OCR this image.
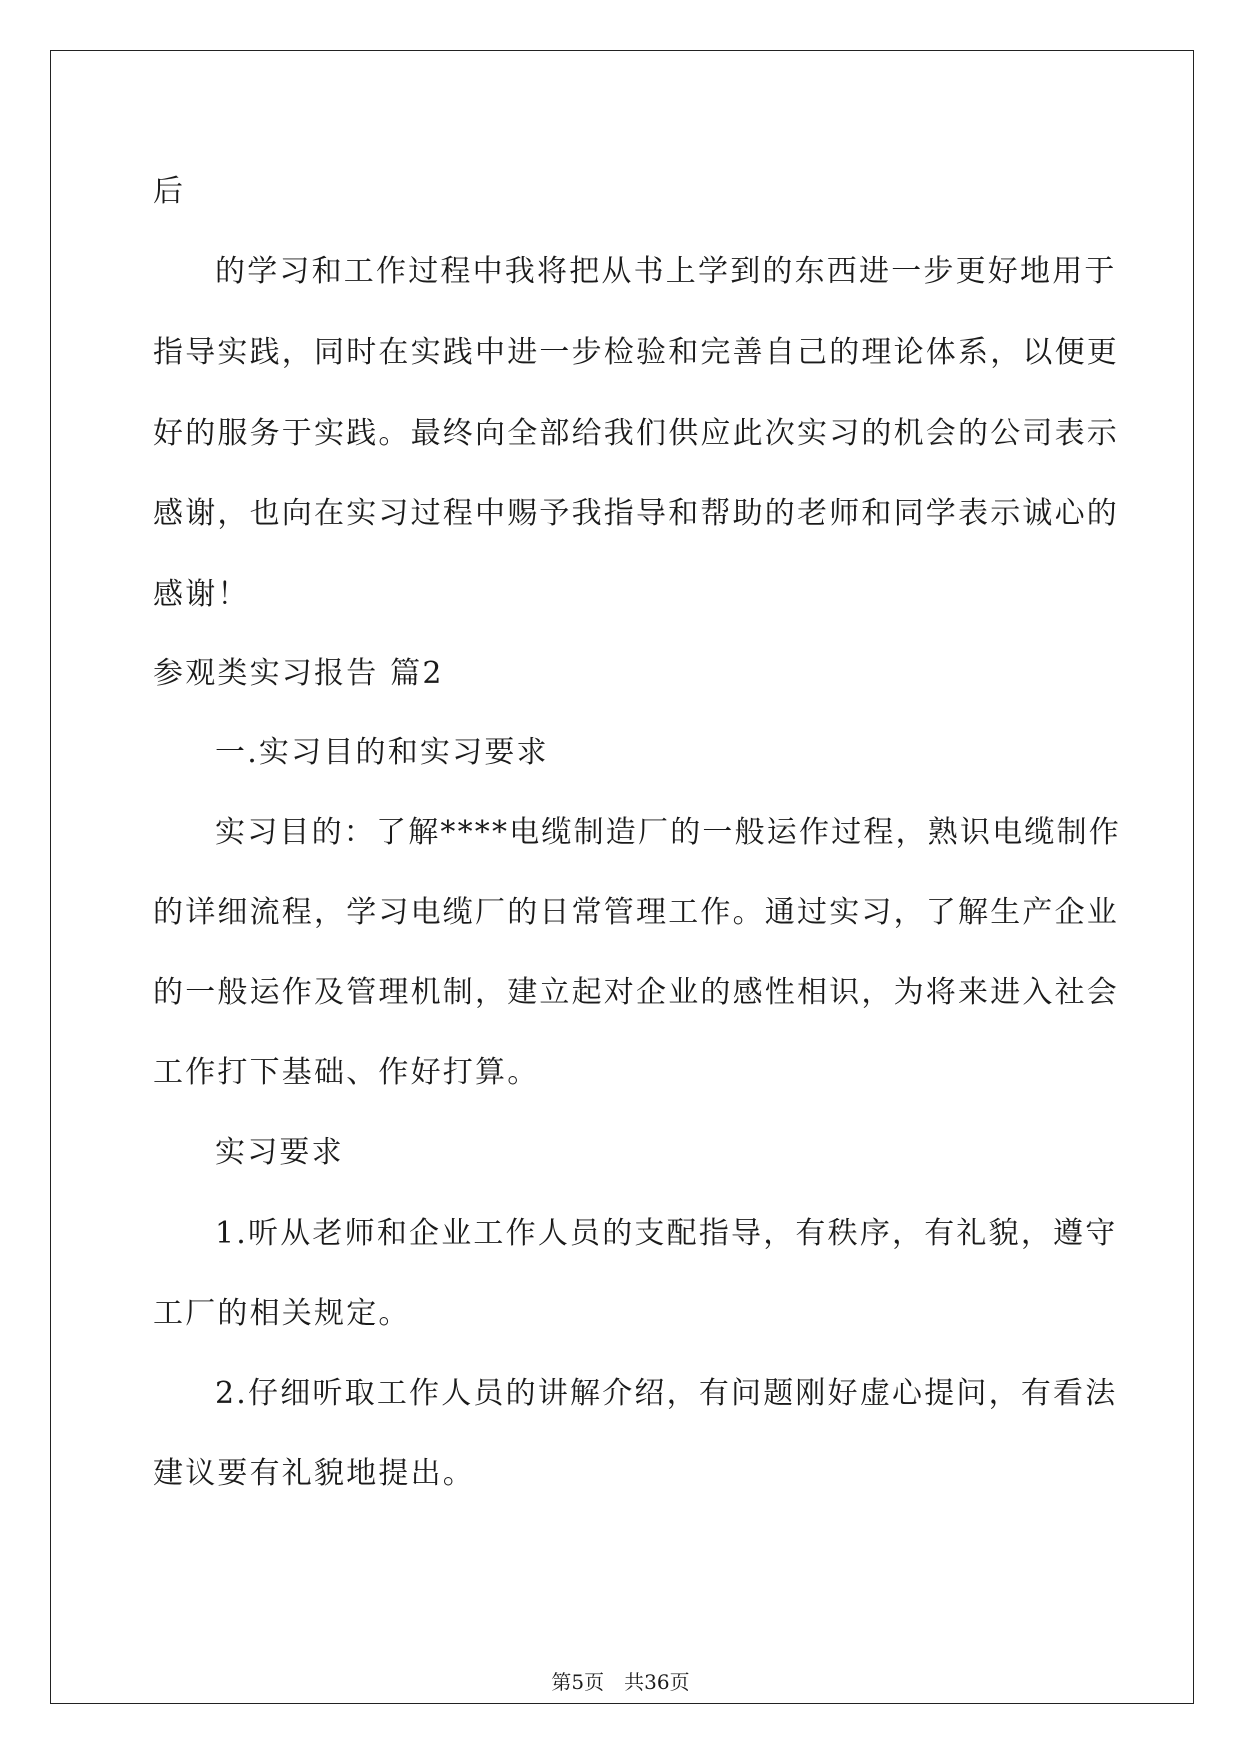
后
的学习和工作过程中我将把从书上学到的东西进一步更好地用于
指导实践，同时在实践中进一步检验和完善自己的理论体系，以便更
好的服务于实践。最终向全部给我们供应此次实习的机会的公司表示
感谢，也向在实习过程中赐予我指导和帮助的老师和同学表示诚心的
感谢！
参观类实习报告 篇2
一.实习目的和实习要求
实习目的：了解****电缆制造厂的一般运作过程，熟识电缆制作
的详细流程，学习电缆厂的日常管理工作。通过实习，了解生产企业
的一般运作及管理机制，建立起对企业的感性相识，为将来进入社会
工作打下基础、作好打算。
实习要求
1.听从老师和企业工作人员的支配指导，有秩序，有礼貌，遵守
工厂的相关规定。
2.仔细听取工作人员的讲解介绍，有问题刚好虚心提问，有看法
建议要有礼貌地提出。
第5页 共36页
